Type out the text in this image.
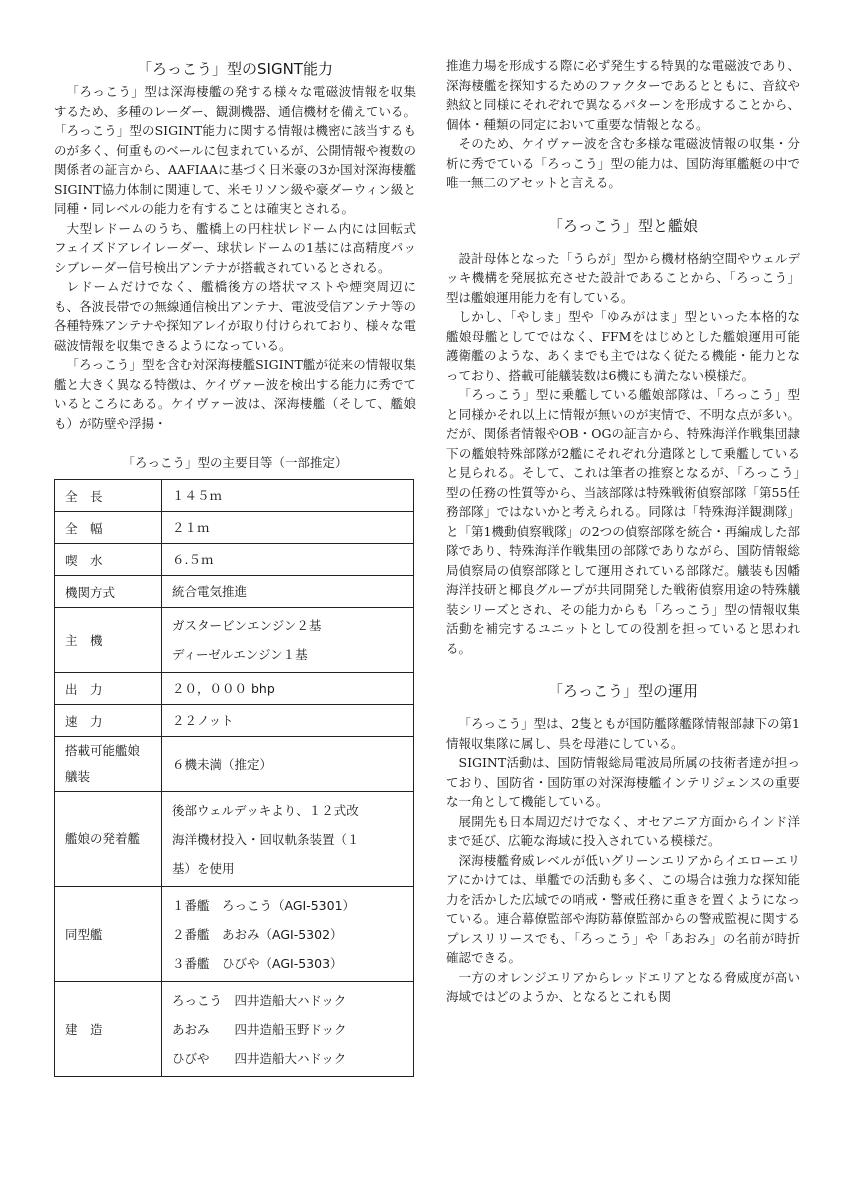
「ろっこう」型のSIGNT能力

「ろっこう」型は深海棲艦の発する様々な電磁波情報を収集するため、多種のレーダー、観測機器、通信機材を備えている。「ろっこう」型のSIGINT能力に関する情報は機密に該当するものが多く、何重ものベールに包まれているが、公開情報や複数の関係者の証言から、AAFIAAに基づく日米豪の3か国対深海棲艦SIGINT協力体制に関連して、米モリソン級や豪ダーウィン級と同種・同レベルの能力を有することは確実とされる。

大型レドームのうち、艦橋上の円柱状レドーム内には回転式フェイズドアレイレーダー、球状レドームの1基には高精度パッシブレーダー信号検出アンテナが搭載されているとされる。

レドームだけでなく、艦橋後方の塔状マストや煙突周辺にも、各波長帯での無線通信検出アンテナ、電波受信アンテナ等の各種特殊アンテナや探知アレイが取り付けられており、様々な電磁波情報を収集できるようになっている。

「ろっこう」型を含む対深海棲艦SIGINT艦が従来の情報収集艦と大きく異なる特徴は、ケイヴァー波を検出する能力に秀でているところにある。ケイヴァー波は、深海棲艦（そして、艦娘も）が防壁や浮揚・

「ろっこう」型の主要目等（一部推定）
全　長	１４５ｍ
全　幅	２１ｍ
喫　水	６.５ｍ
機関方式	統合電気推進
主　機	ガスタービンエンジン２基
ディーゼルエンジン１基

出　力	２０，０００ bhp
速　力	２２ノット
搭載可能艦娘艤装	６機未満（推定）
艦娘の発着艦	後部ウェルデッキより、１２式改
海洋機材投入・回収軌条装置（１
基）を使用

同型艦	１番艦　ろっこう（AGI-5301）
２番艦　あおみ（AGI-5302）
３番艦　ひびや（AGI-5303）

建　造	ろっこう　四井造船大ハドック
あおみ　　四井造船玉野ドック
ひびや　　四井造船大ハドック

推進力場を形成する際に必ず発生する特異的な電磁波であり、深海棲艦を探知するためのファクターであるとともに、音紋や熱紋と同様にそれぞれで異なるパターンを形成することから、個体・種類の同定において重要な情報となる。

そのため、ケイヴァー波を含む多様な電磁波情報の収集・分析に秀でている「ろっこう」型の能力は、国防海軍艦艇の中で唯一無二のアセットと言える。

「ろっこう」型と艦娘

設計母体となった「うらが」型から機材格納空間やウェルデッキ機構を発展拡充させた設計であることから、「ろっこう」型は艦娘運用能力を有している。

しかし、「やしま」型や「ゆみがはま」型といった本格的な艦娘母艦としてではなく、FFMをはじめとした艦娘運用可能護衛艦のような、あくまでも主ではなく従たる機能・能力となっており、搭載可能艤装数は6機にも満たない模様だ。

「ろっこう」型に乗艦している艦娘部隊は、「ろっこう」型と同様かそれ以上に情報が無いのが実情で、不明な点が多い。だが、関係者情報やOB・OGの証言から、特殊海洋作戦集団隷下の艦娘特殊部隊が2艦にそれぞれ分遣隊として乗艦していると見られる。そして、これは筆者の推察となるが、「ろっこう」型の任務の性質等から、当該部隊は特殊戦術偵察部隊「第55任務部隊」ではないかと考えられる。同隊は「特殊海洋観測隊」と「第1機動偵察戦隊」の2つの偵察部隊を統合・再編成した部隊であり、特殊海洋作戦集団の部隊でありながら、国防情報総局偵察局の偵察部隊として運用されている部隊だ。艤装も因幡海洋技研と椰良グループが共同開発した戦術偵察用途の特殊艤装シリーズとされ、その能力からも「ろっこう」型の情報収集活動を補完するユニットとしての役割を担っていると思われる。

「ろっこう」型の運用

「ろっこう」型は、2隻ともが国防艦隊艦隊情報部隷下の第1情報収集隊に属し、呉を母港にしている。

SIGINT活動は、国防情報総局電波局所属の技術者達が担っており、国防省・国防軍の対深海棲艦インテリジェンスの重要な一角として機能している。

展開先も日本周辺だけでなく、オセアニア方面からインド洋まで延び、広範な海域に投入されている模様だ。

深海棲艦脅威レベルが低いグリーンエリアからイエローエリアにかけては、単艦での活動も多く、この場合は強力な探知能力を活かした広域での哨戒・警戒任務に重きを置くようになっている。連合幕僚監部や海防幕僚監部からの警戒監視に関するプレスリリースでも、「ろっこう」や「あおみ」の名前が時折確認できる。

一方のオレンジエリアからレッドエリアとなる脅威度が高い海域ではどのようか、となるとこれも関
